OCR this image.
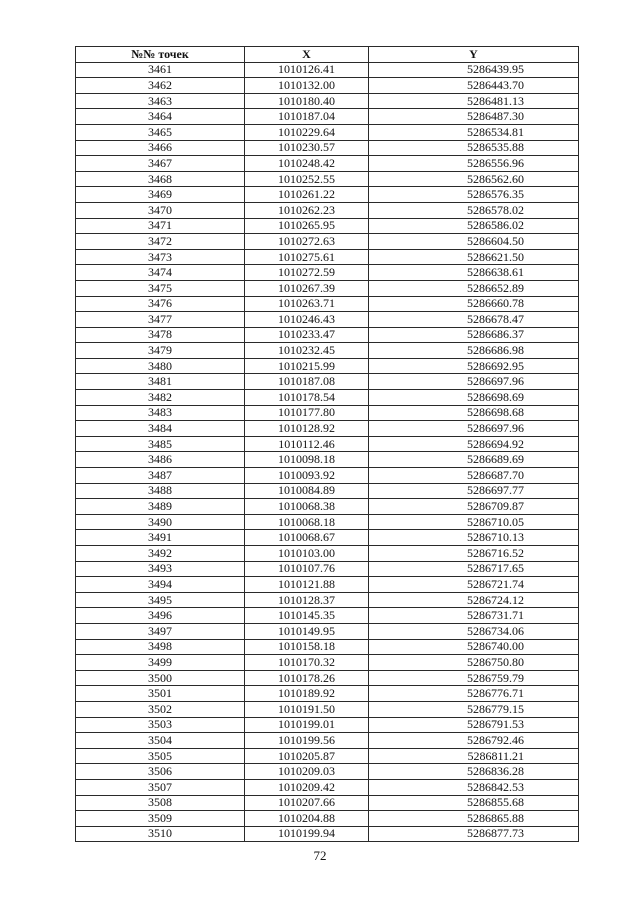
№№ точек	X	Y
3461	1010126.41	5286439.95
3462	1010132.00	5286443.70
3463	1010180.40	5286481.13
3464	1010187.04	5286487.30
3465	1010229.64	5286534.81
3466	1010230.57	5286535.88
3467	1010248.42	5286556.96
3468	1010252.55	5286562.60
3469	1010261.22	5286576.35
3470	1010262.23	5286578.02
3471	1010265.95	5286586.02
3472	1010272.63	5286604.50
3473	1010275.61	5286621.50
3474	1010272.59	5286638.61
3475	1010267.39	5286652.89
3476	1010263.71	5286660.78
3477	1010246.43	5286678.47
3478	1010233.47	5286686.37
3479	1010232.45	5286686.98
3480	1010215.99	5286692.95
3481	1010187.08	5286697.96
3482	1010178.54	5286698.69
3483	1010177.80	5286698.68
3484	1010128.92	5286697.96
3485	1010112.46	5286694.92
3486	1010098.18	5286689.69
3487	1010093.92	5286687.70
3488	1010084.89	5286697.77
3489	1010068.38	5286709.87
3490	1010068.18	5286710.05
3491	1010068.67	5286710.13
3492	1010103.00	5286716.52
3493	1010107.76	5286717.65
3494	1010121.88	5286721.74
3495	1010128.37	5286724.12
3496	1010145.35	5286731.71
3497	1010149.95	5286734.06
3498	1010158.18	5286740.00
3499	1010170.32	5286750.80
3500	1010178.26	5286759.79
3501	1010189.92	5286776.71
3502	1010191.50	5286779.15
3503	1010199.01	5286791.53
3504	1010199.56	5286792.46
3505	1010205.87	5286811.21
3506	1010209.03	5286836.28
3507	1010209.42	5286842.53
3508	1010207.66	5286855.68
3509	1010204.88	5286865.88
3510	1010199.94	5286877.73
72
